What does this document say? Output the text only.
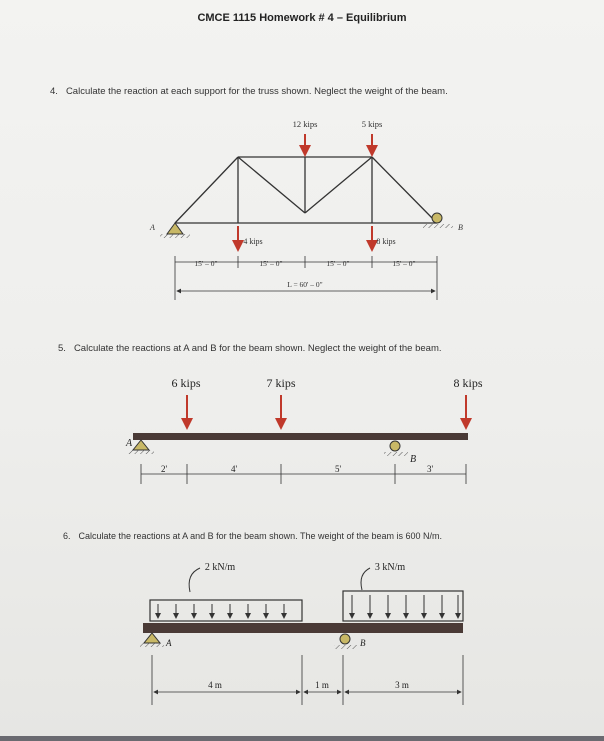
CMCE 1115 Homework # 4 – Equilibrium
4. Calculate the reaction at each support for the truss shown. Neglect the weight of the beam.
12 kips	5 kips
4 kips	8 kips
A	B
15' – 0"	15' – 0"	15' – 0"	15' – 0"
L = 60' – 0"
6 kips	7 kips	8 kips
A
B
2'	4'	5'	3'
2 kN/m	3 kN/m
A	B
4 m	1 m	3 m
5. Calculate the reactions at A and B for the beam shown. Neglect the weight of the beam.
6. Calculate the reactions at A and B for the beam shown. The weight of the beam is 600 N/m.
